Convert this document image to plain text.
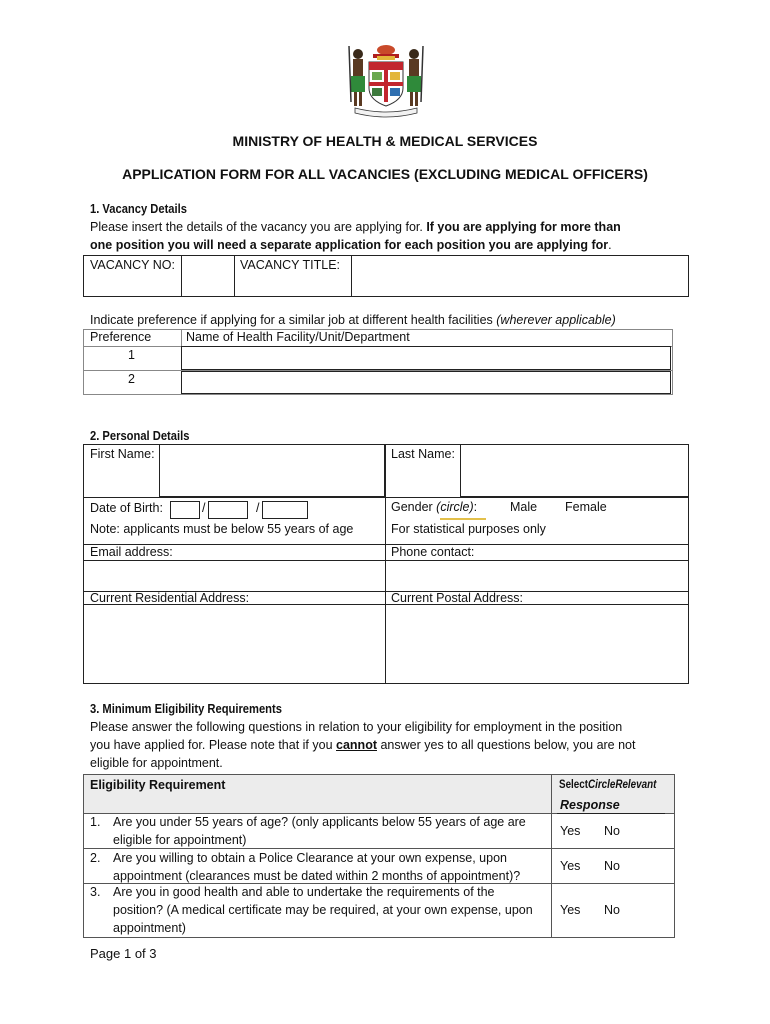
MINISTRY OF HEALTH & MEDICAL SERVICES
APPLICATION FORM FOR ALL VACANCIES (EXCLUDING MEDICAL OFFICERS)
1. Vacancy Details
Please insert the details of the vacancy you are applying for. If you are applying for more than
one position you will need a separate application for each position you are applying for.
VACANCY NO:	VACANCY TITLE:
Indicate preference if applying for a similar job at different health facilities (wherever applicable)
Preference	Name of Health Facility/Unit/Department
1
2
2. Personal Details
First Name:	Last Name:
Date of Birth:	/	/
Note: applicants must be below 55 years of age
Gender (circle):	Male Female
For statistical purposes only
Email address:	Phone contact:
Current Residential Address:	Current Postal Address:
3. Minimum Eligibility Requirements
Please answer the following questions in relation to your eligibility for employment in the position
you have applied for. Please note that if you cannot answer yes to all questions below, you are not
eligible for appointment.
Eligibility Requirement	SelectCircleRelevant
Response
1. Are you under 55 years of age? (only applicants below 55 years of age are
eligible for appointment)
Yes No
2. Are you willing to obtain a Police Clearance at your own expense, upon
appointment (clearances must be dated within 2 months of appointment)?
Yes No
3. Are you in good health and able to undertake the requirements of the
position? (A medical certificate may be required, at your own expense, upon
appointment)
Yes No
Page 1 of 3
